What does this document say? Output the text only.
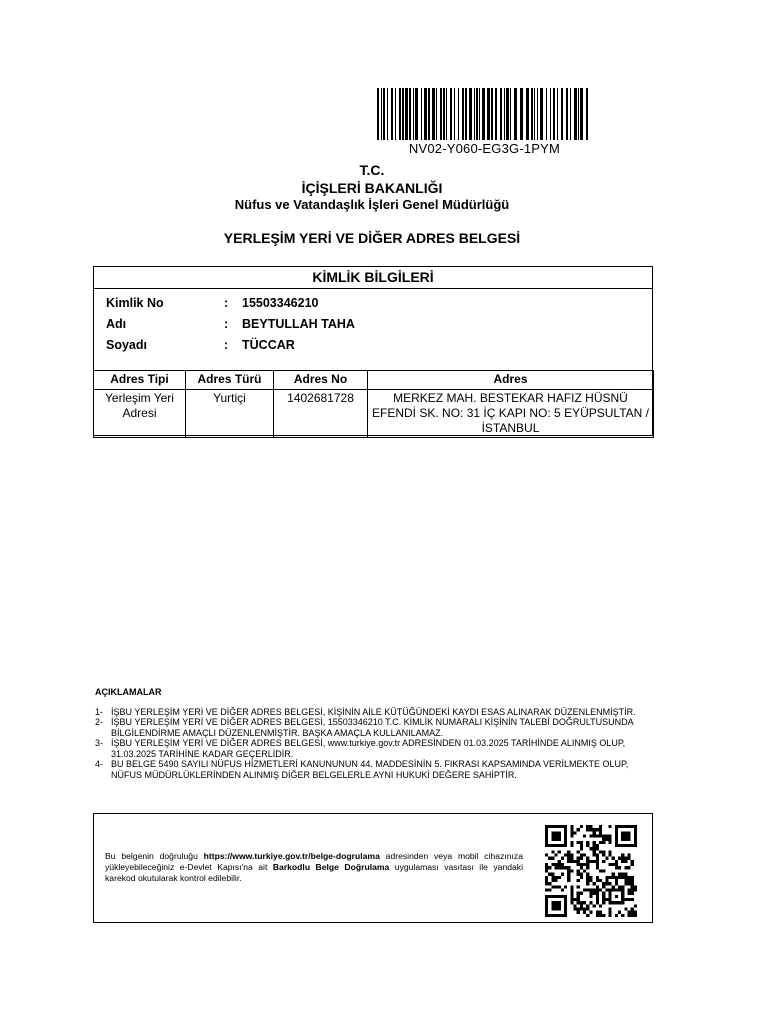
NV02-Y060-EG3G-1PYM
T.C.
İÇİŞLERİ BAKANLIĞI
Nüfus ve Vatandaşlık İşleri Genel Müdürlüğü
YERLEŞİM YERİ VE DİĞER ADRES BELGESİ
KİMLİK BİLGİLERİ
Kimlik No	: 15503346210
Adı	: BEYTULLAH TAHA
Soyadı	: TÜCCAR
Adres Tipi	Adres Türü	Adres No	Adres
Yerleşim Yeri Adresi	Yurtiçi	1402681728	MERKEZ MAH. BESTEKAR HAFIZ HÜSNÜ EFENDİ SK. NO: 31 İÇ KAPI NO: 5 EYÜPSULTAN / İSTANBUL
AÇIKLAMALAR
1- İŞBU YERLEŞİM YERİ VE DİĞER ADRES BELGESİ, KİŞİNİN AİLE KÜTÜĞÜNDEKİ KAYDI ESAS ALINARAK DÜZENLENMİŞTİR.
2- İŞBU YERLEŞİM YERİ VE DİĞER ADRES BELGESİ, 15503346210 T.C. KİMLİK NUMARALI KİŞİNİN TALEBİ DOĞRULTUSUNDA BİLGİLENDİRME AMAÇLI DÜZENLENMİŞTİR. BAŞKA AMAÇLA KULLANILAMAZ.
3- İŞBU YERLEŞİM YERİ VE DİĞER ADRES BELGESİ, www.turkiye.gov.tr ADRESİNDEN 01.03.2025 TARİHİNDE ALINMIŞ OLUP, 31.03.2025 TARİHİNE KADAR GEÇERLİDİR.
4- BU BELGE 5490 SAYILI NÜFUS HİZMETLERİ KANUNUNUN 44. MADDESİNİN 5. FIKRASI KAPSAMINDA VERİLMEKTE OLUP, NÜFUS MÜDÜRLÜKLERİNDEN ALINMIŞ DİĞER BELGELERLE AYNI HUKUKİ DEĞERE SAHİPTİR.
Bu belgenin doğruluğu https://www.turkiye.gov.tr/belge-dogrulama adresinden veya mobil cihazınıza yükleyebileceğiniz e-Devlet Kapısı'na ait Barkodlu Belge Doğrulama uygulaması vasıtası ile yandaki karekod okutularak kontrol edilebilir.
